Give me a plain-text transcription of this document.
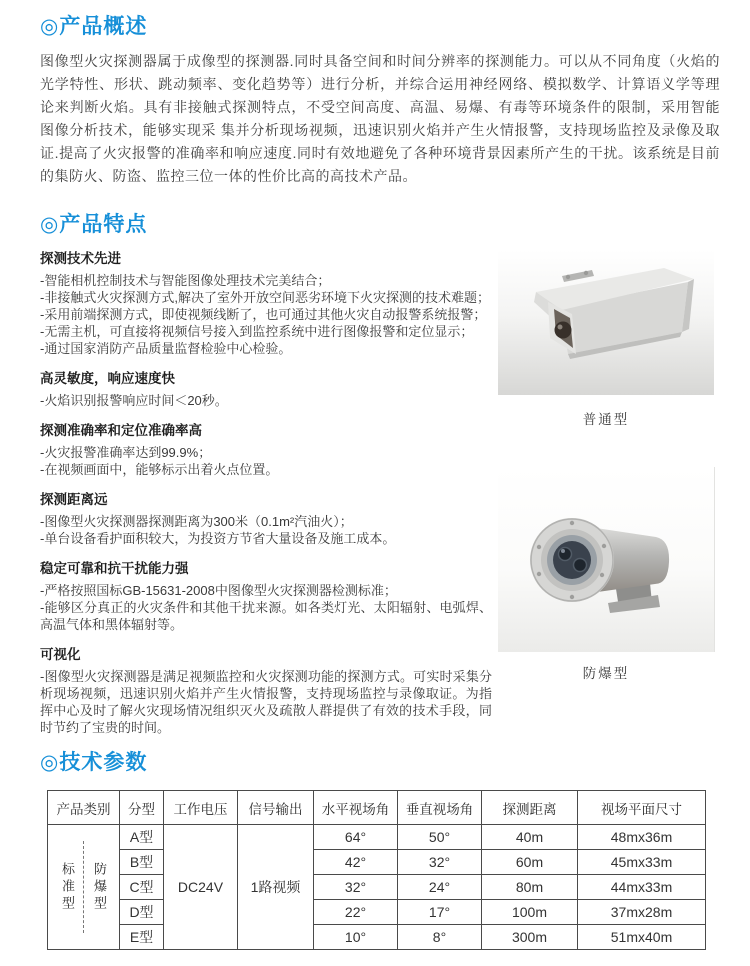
◎产品概述

图像型火灾探测器属于成像型的探测器.同时具备空间和时间分辨率的探测能力。可以从不同角度（火焰的光学特性、形状、跳动频率、变化趋势等）进行分析，并综合运用神经网络、模拟数学、计算语义学等理论来判断火焰。具有非接触式探测特点，不受空间高度、高温、易爆、有毒等环境条件的限制，采用智能图像分析技术，能够实现采 集并分析现场视频，迅速识别火焰并产生火情报警，支持现场监控及录像及取证.提高了火灾报警的准确率和响应速度.同时有效地避免了各种环境背景因素所产生的干扰。该系统是目前的集防火、防盗、监控三位一体的性价比高的高技术产品。

◎产品特点
探测技术先进
-智能相机控制技术与智能图像处理技术完美结合；
-非接触式火灾探测方式,解决了室外开放空间恶劣环境下火灾探测的技术难题；
-采用前端探测方式，即使视频线断了，也可通过其他火灾自动报警系统报警；
-无需主机，可直接将视频信号接入到监控系统中进行图像报警和定位显示；
-通过国家消防产品质量监督检验中心检验。
高灵敏度，响应速度快
-火焰识别报警响应时间＜20秒。
探测准确率和定位准确率高
-火灾报警准确率达到99.9%；
-在视频画面中，能够标示出着火点位置。
探测距离远
-图像型火灾探测器探测距离为300米（0.1m²汽油火）；
-单台设备看护面积较大，为投资方节省大量设备及施工成本。
稳定可靠和抗干扰能力强
-严格按照国标GB-15631-2008中图像型火灾探测器检测标准；
-能够区分真正的火灾条件和其他干扰来源。如各类灯光、太阳辐射、电弧焊、高温气体和黑体辐射等。
可视化
-图像型火灾探测器是满足视频监控和火灾探测功能的探测方式。可实时采集分析现场视频，迅速识别火焰并产生火情报警，支持现场监控与录像取证。为指挥中心及时了解火灾现场情况组织灭火及疏散人群提供了有效的技术手段，同时节约了宝贵的时间。
普通型
防爆型
◎技术参数
产品类别	分型	工作电压	信号输出	水平视场角	垂直视场角	探测距离	视场平面尺寸

标准型 防爆型	A型	DC24V	1路视频	64°	50°	40m	48mx36m
	B型			42°	32°	60m	45mx33m
	C型			32°	24°	80m	44mx33m
	D型			22°	17°	100m	37mx28m
	E型			10°	8°	300m	51mx40m
